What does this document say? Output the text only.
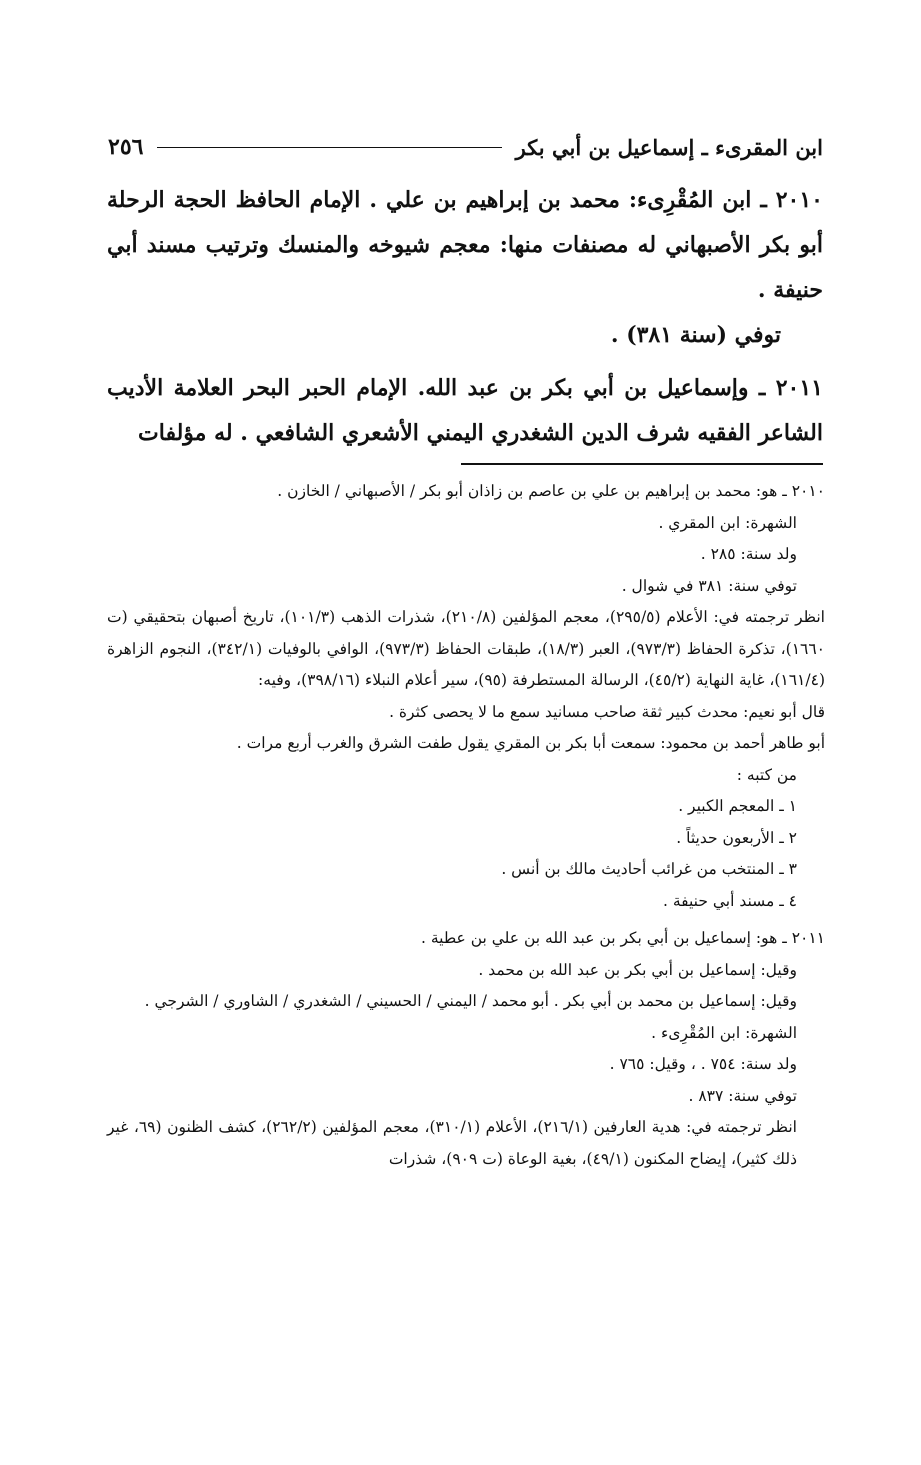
ابن المقرىء ـ إسماعيل بن أبي بكر
٢٥٦

٢٠١٠ ـ ابن المُقْرِىء: محمد بن إبراهيم بن علي . الإمام الحافظ الحجة الرحلة أبو بكر الأصبهاني له مصنفات منها: معجم شيوخه والمنسك وترتيب مسند أبي حنيفة .

توفي (سنة ٣٨١) .

٢٠١١ ـ وإسماعيل بن أبي بكر بن عبد الله. الإمام الحبر البحر العلامة الأديب الشاعر الفقيه شرف الدين الشغدري اليمني الأشعري الشافعي . له مؤلفات

٢٠١٠ ـ هو: محمد بن إبراهيم بن علي بن عاصم بن زاذان أبو بكر / الأصبهاني / الخازن .

الشهرة: ابن المقري .

ولد سنة: ٢٨٥ .

توفي سنة: ٣٨١ في شوال .

انظر ترجمته في: الأعلام (٢٩٥/٥)، معجم المؤلفين (٢١٠/٨)، شذرات الذهب (١٠١/٣)، تاريخ أصبهان بتحقيقي (ت ١٦٦٠)، تذكرة الحفاظ (٩٧٣/٣)، العبر (١٨/٣)، طبقات الحفاظ (٩٧٣/٣)، الوافي بالوفيات (٣٤٢/١)، النجوم الزاهرة (١٦١/٤)، غاية النهاية (٤٥/٢)، الرسالة المستطرفة (٩٥)، سير أعلام النبلاء (٣٩٨/١٦)، وفيه:

قال أبو نعيم: محدث كبير ثقة صاحب مسانيد سمع ما لا يحصى كثرة .

أبو طاهر أحمد بن محمود: سمعت أبا بكر بن المقري يقول طفت الشرق والغرب أربع مرات .

من كتبه :

١ ـ المعجم الكبير .

٢ ـ الأربعون حديثاً .

٣ ـ المنتخب من غرائب أحاديث مالك بن أنس .

٤ ـ مسند أبي حنيفة .

٢٠١١ ـ هو: إسماعيل بن أبي بكر بن عبد الله بن علي بن عطية .

وقيل: إسماعيل بن أبي بكر بن عبد الله بن محمد .

وقيل: إسماعيل بن محمد بن أبي بكر . أبو محمد / اليمني / الحسيني / الشغدري / الشاوري / الشرجي .

الشهرة: ابن المُقْرِىء .

ولد سنة: ٧٥٤ . ، وقيل: ٧٦٥ .

توفي سنة: ٨٣٧ .

انظر ترجمته في: هدية العارفين (٢١٦/١)، الأعلام (٣١٠/١)، معجم المؤلفين (٢٦٢/٢)، كشف الظنون (٦٩، غير ذلك كثير)، إيضاح المكنون (٤٩/١)، بغية الوعاة (ت ٩٠٩)، شذرات
